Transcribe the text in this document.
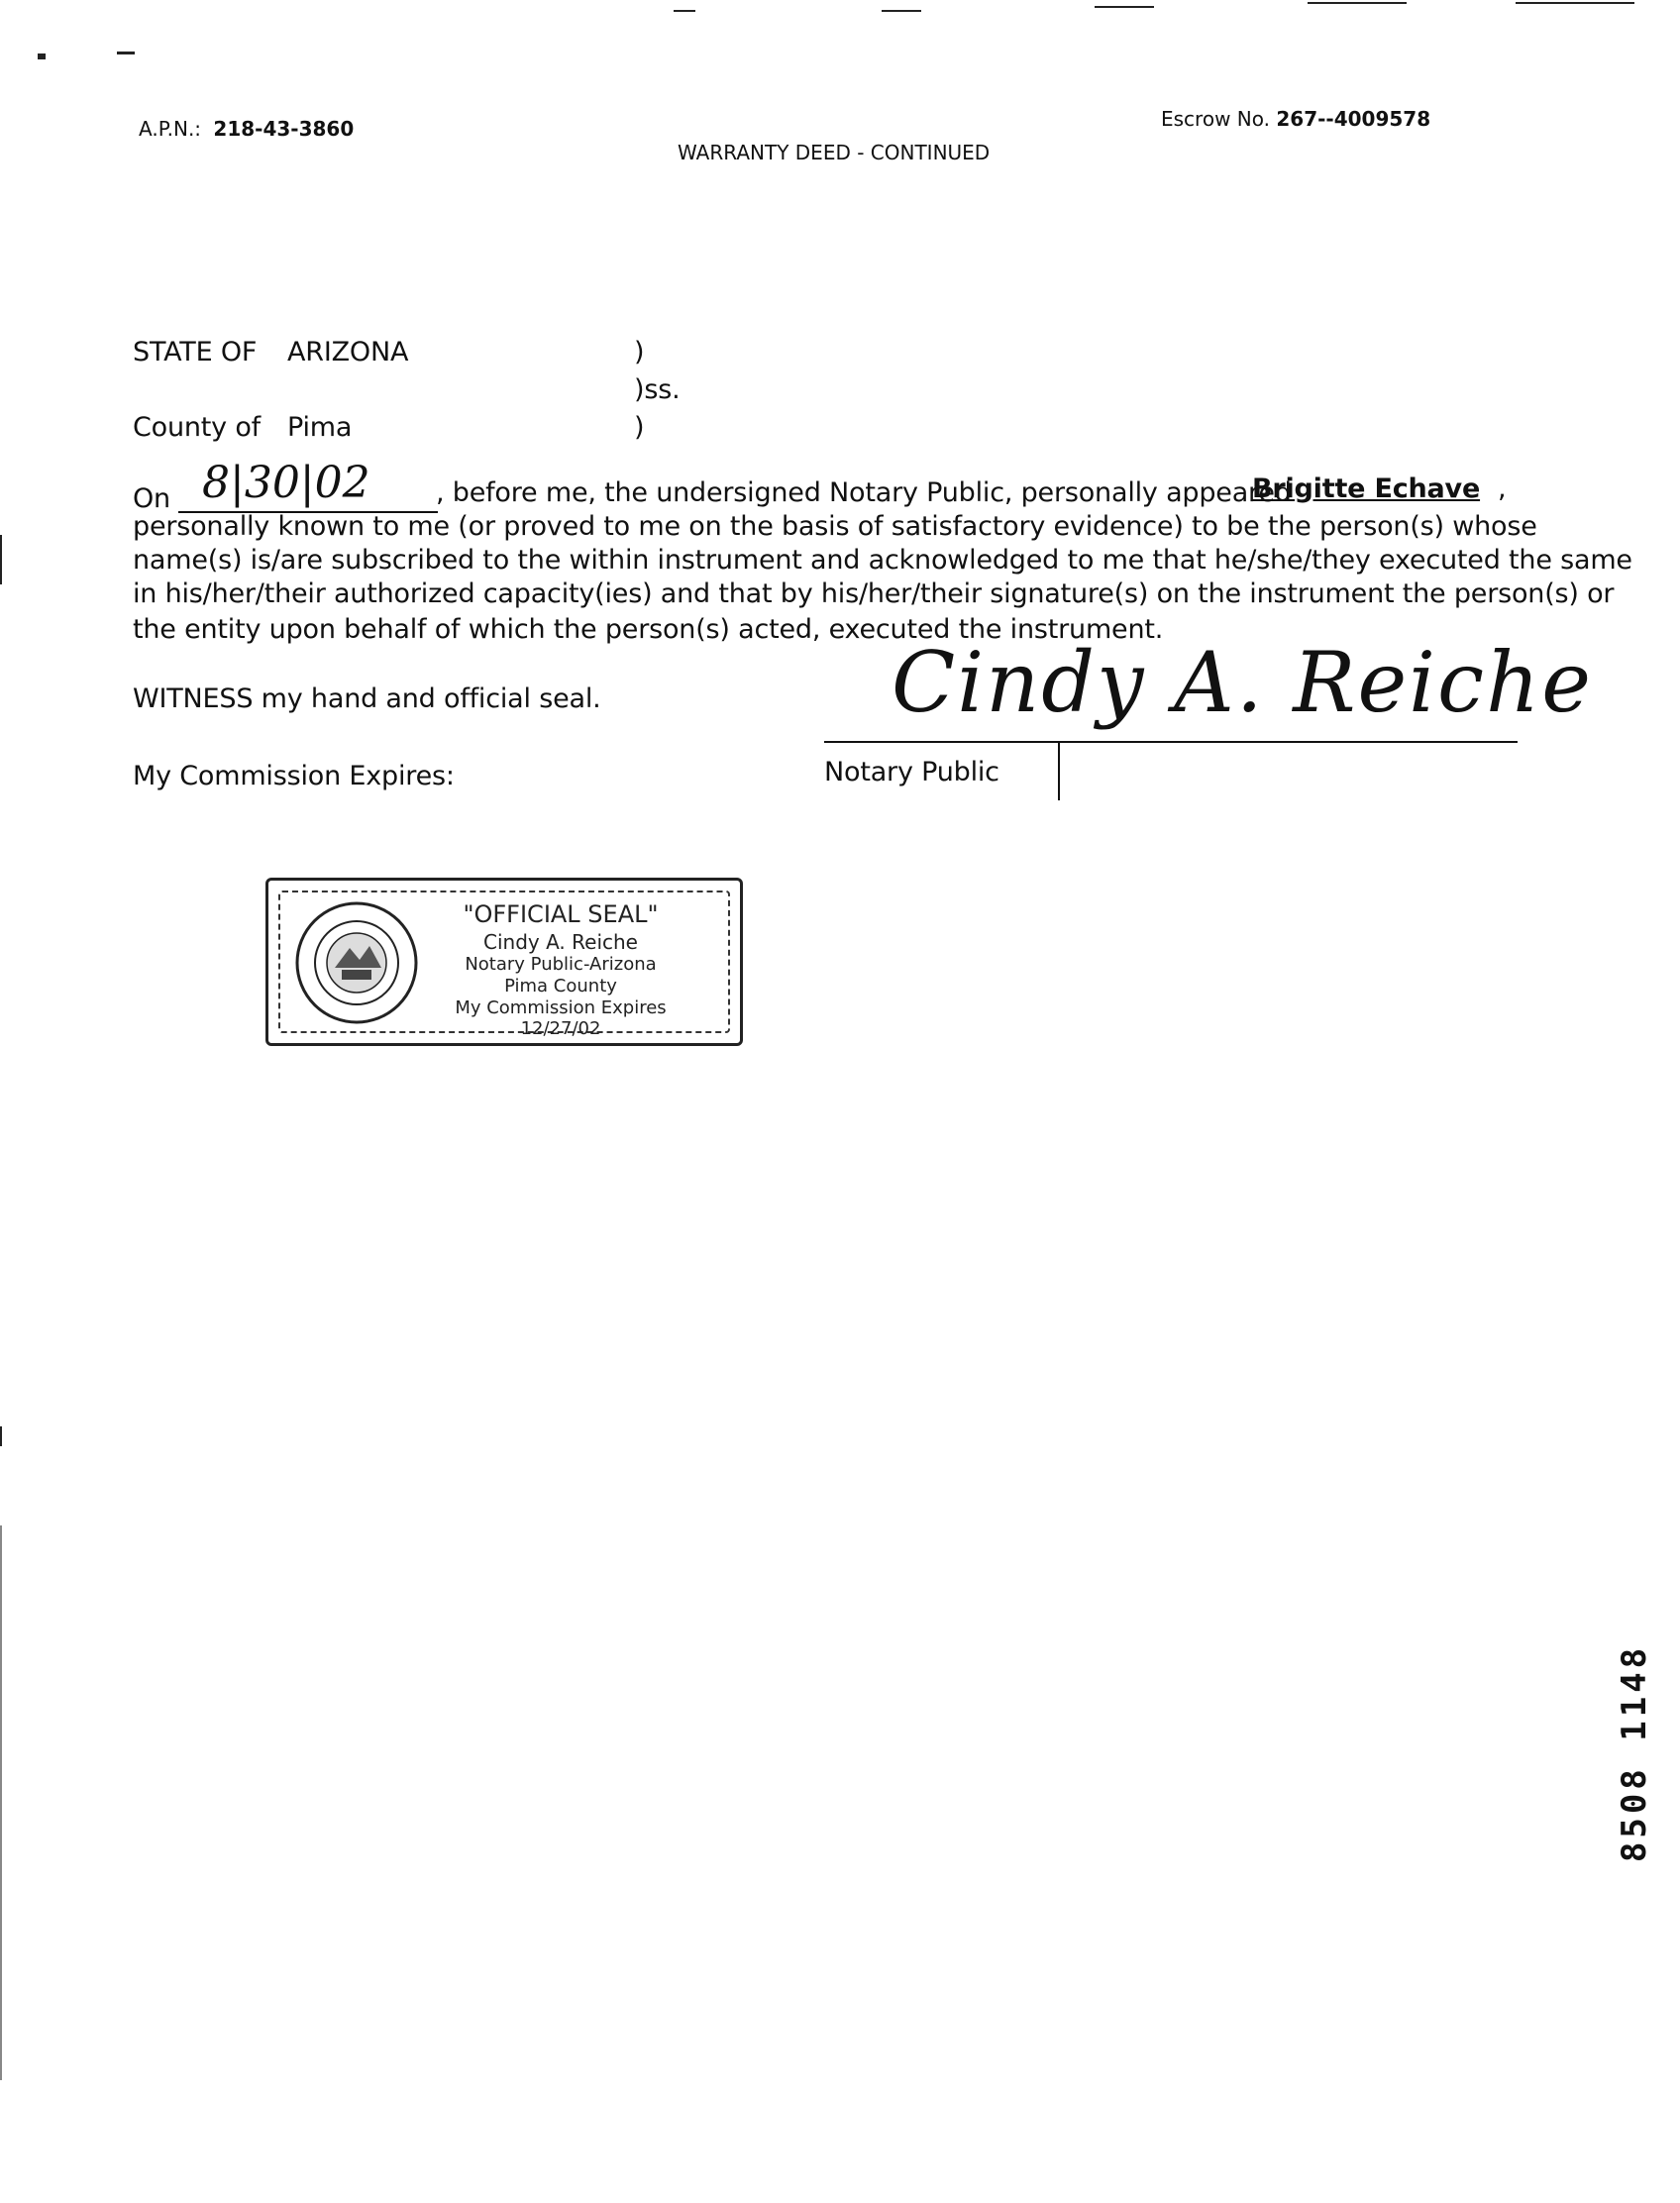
A.P.N.: 218-43-3860	Escrow No. 267--4009578
WARRANTY DEED - CONTINUED
STATE OF ARIZONA	)
)ss.
County of Pima	)
On 8|30|02 , before me, the undersigned Notary Public, personally appeared
Brigitte Echave ,
personally known to me (or proved to me on the basis of satisfactory evidence) to be the person(s) whose
name(s) is/are subscribed to the within instrument and acknowledged to me that he/she/they executed the same
in his/her/their authorized capacity(ies) and that by his/her/their signature(s) on the instrument the person(s) or
the entity upon behalf of which the person(s) acted, executed the instrument.
WITNESS my hand and official seal.
My Commission Expires:
Cindy A. Reiche
Notary Public
"OFFICIAL SEAL"
Cindy A. Reiche
Notary Public-Arizona
Pima County
My Commission Expires 12/27/02
8508 1148
